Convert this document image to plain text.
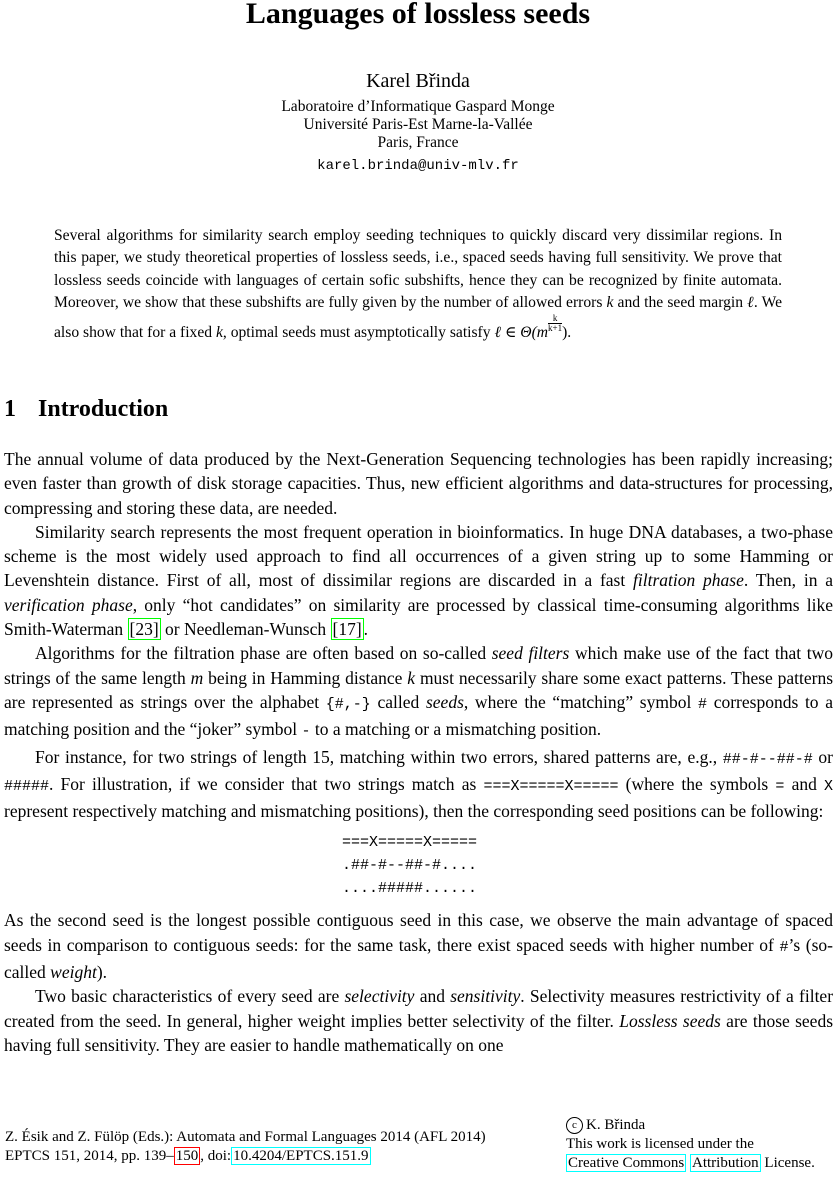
Languages of lossless seeds
Karel Břinda
Laboratoire d’Informatique Gaspard Monge
Université Paris-Est Marne-la-Vallée
Paris, France
karel.brinda@univ-mlv.fr

Several algorithms for similarity search employ seeding techniques to quickly discard very dissimilar regions. In this paper, we study theoretical properties of lossless seeds, i.e., spaced seeds having full sensitivity. We prove that lossless seeds coincide with languages of certain sofic subshifts, hence they can be recognized by finite automata. Moreover, we show that these subshifts are fully given by the number of allowed errors k and the seed margin ℓ. We also show that for a fixed k, optimal seeds must asymptotically satisfy ℓ ∈ $\Theta(m \frac{k}{k+1}$ ).

1 Introduction

The annual volume of data produced by the Next-Generation Sequencing technologies has been rapidly increasing; even faster than growth of disk storage capacities. Thus, new efficient algorithms and data-structures for processing, compressing and storing these data, are needed.

Similarity search represents the most frequent operation in bioinformatics. In huge DNA databases, a two-phase scheme is the most widely used approach to find all occurrences of a given string up to some Hamming or Levenshtein distance. First of all, most of dissimilar regions are discarded in a fast filtration phase. Then, in a verification phase, only “hot candidates” on similarity are processed by classical time-consuming algorithms like Smith-Waterman [23] or Needleman-Wunsch [17] .

Algorithms for the filtration phase are often based on so-called seed filters which make use of the fact that two strings of the same length m being in Hamming distance k must necessarily share some exact patterns. These patterns are represented as strings over the alphabet {#,-} called seeds, where the “matching” symbol # corresponds to a matching position and the “joker” symbol - to a matching or a mismatching position.

For instance, for two strings of length 15, matching within two errors, shared patterns are, e.g., ##-#--##-# or #####. For illustration, if we consider that two strings match as ===X=====X===== (where the symbols = and X represent respectively matching and mismatching positions), then the corresponding seed positions can be following:

===X=====X=====
.##-#--##-#....
....#####......

As the second seed is the longest possible contiguous seed in this case, we observe the main advantage of spaced seeds in comparison to contiguous seeds: for the same task, there exist spaced seeds with higher number of #’s (so-called weight).

Two basic characteristics of every seed are selectivity and sensitivity. Selectivity measures restrictivity of a filter created from the seed. In general, higher weight implies better selectivity of the filter. Lossless seeds are those seeds having full sensitivity. They are easier to handle mathematically on one

Z. Ésik and Z. Fülöp (Eds.): Automata and Formal Languages 2014 (AFL 2014)
EPTCS 151, 2014, pp. 139– 150 , doi: 10.4204/EPTCS.151.9
c K. Břinda
This work is licensed under the
Creative Commons Attribution License.
